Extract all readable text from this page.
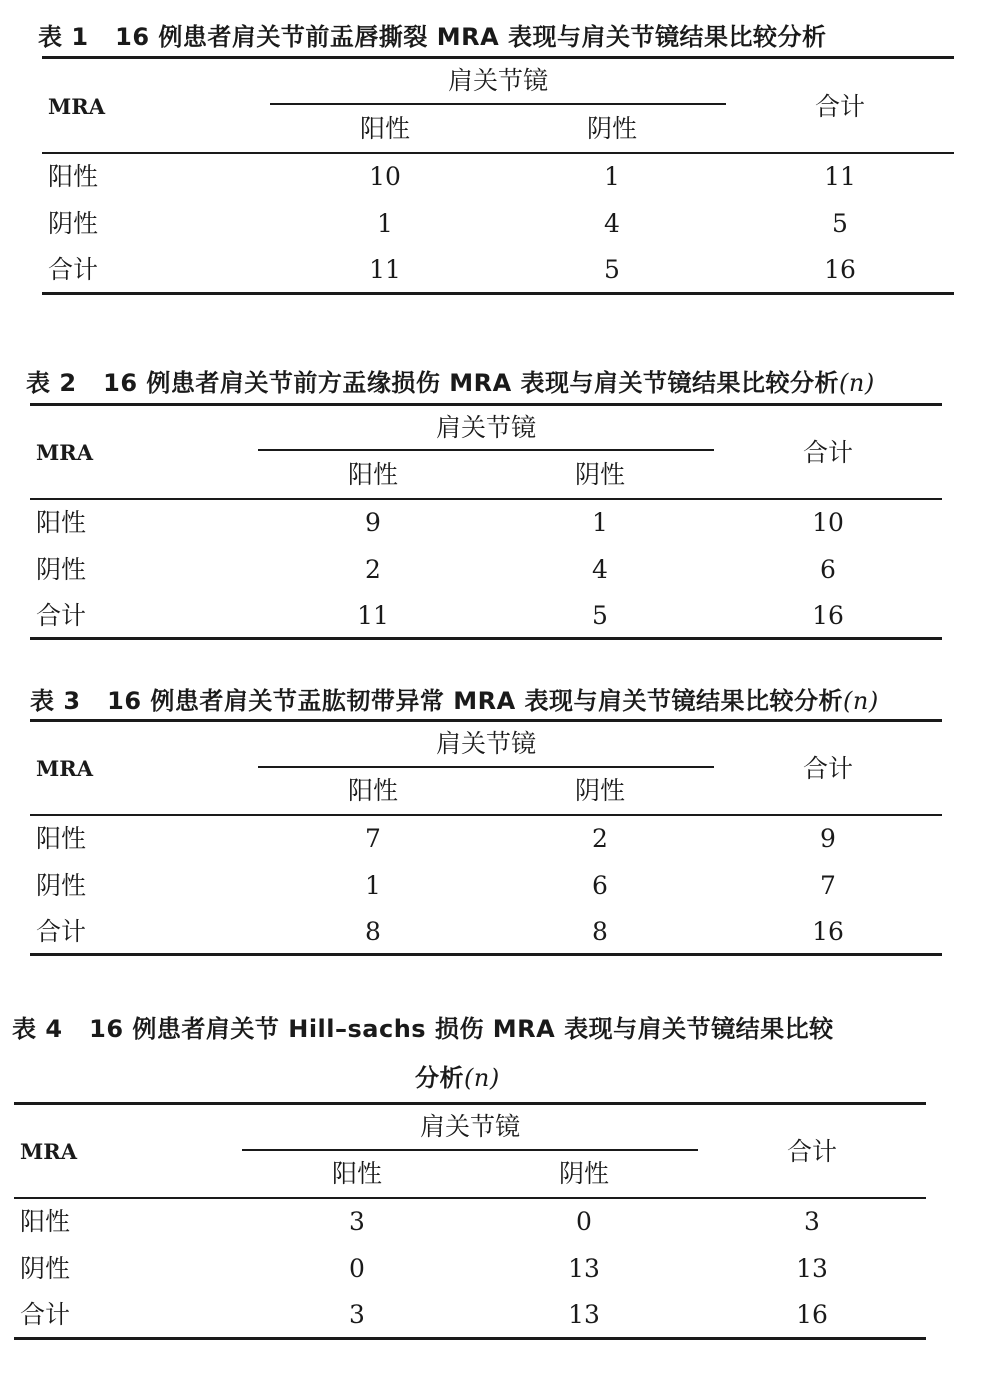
表 1 16 例患者肩关节前盂唇撕裂 MRA 表现与肩关节镜结果比较分析
MRA
肩关节镜
阳性	阴性
合计
阳性	10	1	11
阴性	1	4	5
合计	11	5	16
表 2 16 例患者肩关节前方盂缘损伤 MRA 表现与肩关节镜结果比较分析(n)
MRA
肩关节镜
阳性	阴性
合计
阳性	9	1	10
阴性	2	4	6
合计	11	5	16
表 3 16 例患者肩关节盂肱韧带异常 MRA 表现与肩关节镜结果比较分析(n)
MRA
肩关节镜
阳性	阴性
合计
阳性	7	2	9
阴性	1	6	7
合计	8	8	16
表 4 16 例患者肩关节 Hill–sachs 损伤 MRA 表现与肩关节镜结果比较
分析(n)
MRA
肩关节镜
阳性	阴性
合计
阳性	3	0	3
阴性	0	13	13
合计	3	13	16
